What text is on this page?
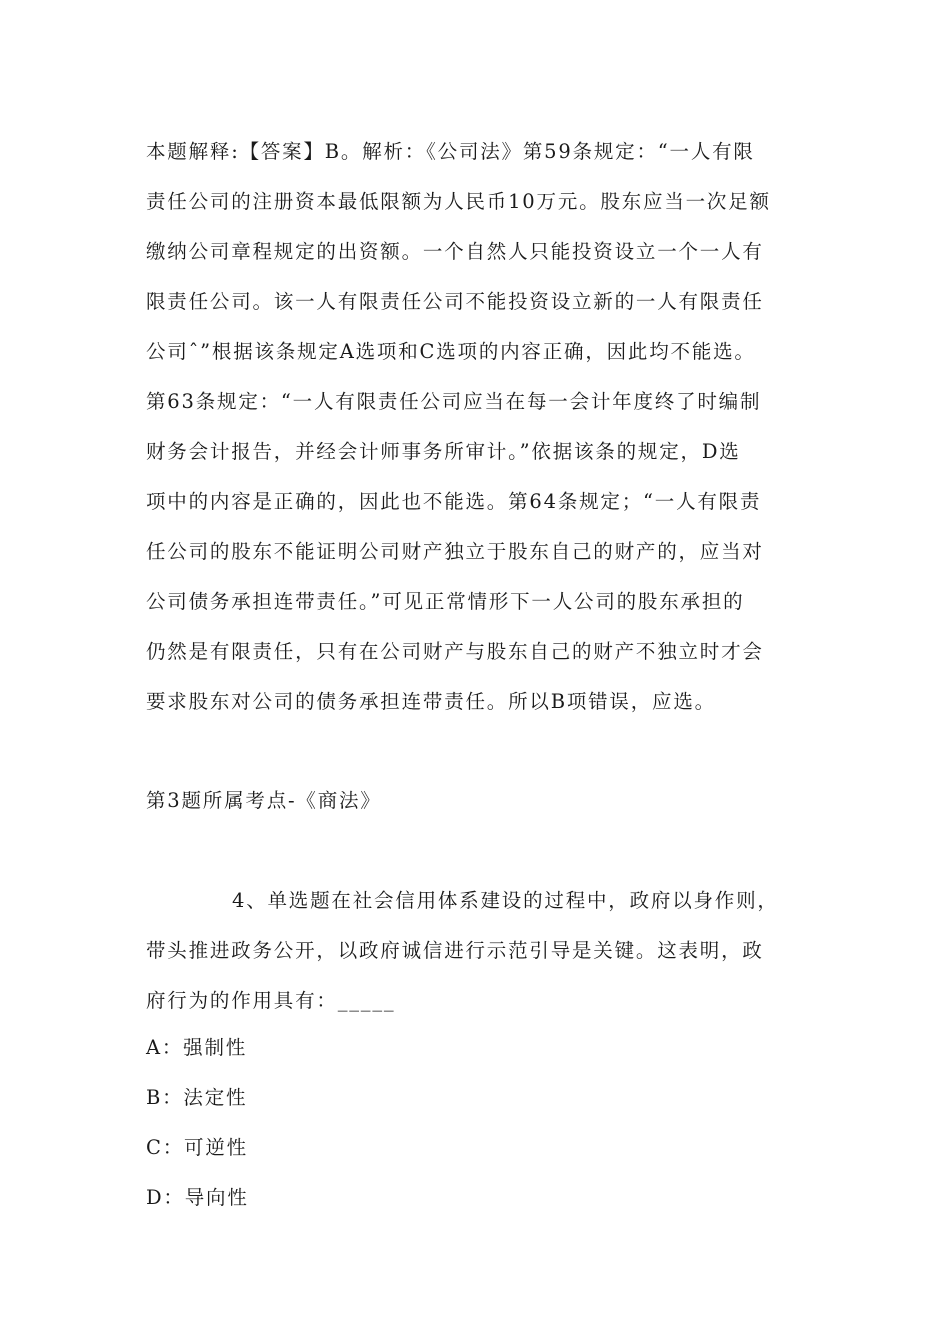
本题解释:【答案】B。解析：《公司法》第59条规定：“一人有限
责任公司的注册资本最低限额为人民币10万元。股东应当一次足额
缴纳公司章程规定的出资额。一个自然人只能投资设立一个一人有
限责任公司。该一人有限责任公司不能投资设立新的一人有限责任
公司ˆ”根据该条规定A选项和C选项的内容正确，因此均不能选。
第63条规定：“一人有限责任公司应当在每一会计年度终了时编制
财务会计报告，并经会计师事务所审计。”依据该条的规定，D选
项中的内容是正确的，因此也不能选。第64条规定；“一人有限责
任公司的股东不能证明公司财产独立于股东自己的财产的，应当对
公司债务承担连带责任。”可见正常情形下一人公司的股东承担的
仍然是有限责任，只有在公司财产与股东自己的财产不独立时才会
要求股东对公司的债务承担连带责任。所以B项错误，应选。
第3题所属考点-《商法》
4、单选题在社会信用体系建设的过程中，政府以身作则，
带头推进政务公开，以政府诚信进行示范引导是关键。这表明，政
府行为的作用具有：_____
A：强制性
B：法定性
C：可逆性
D：导向性
